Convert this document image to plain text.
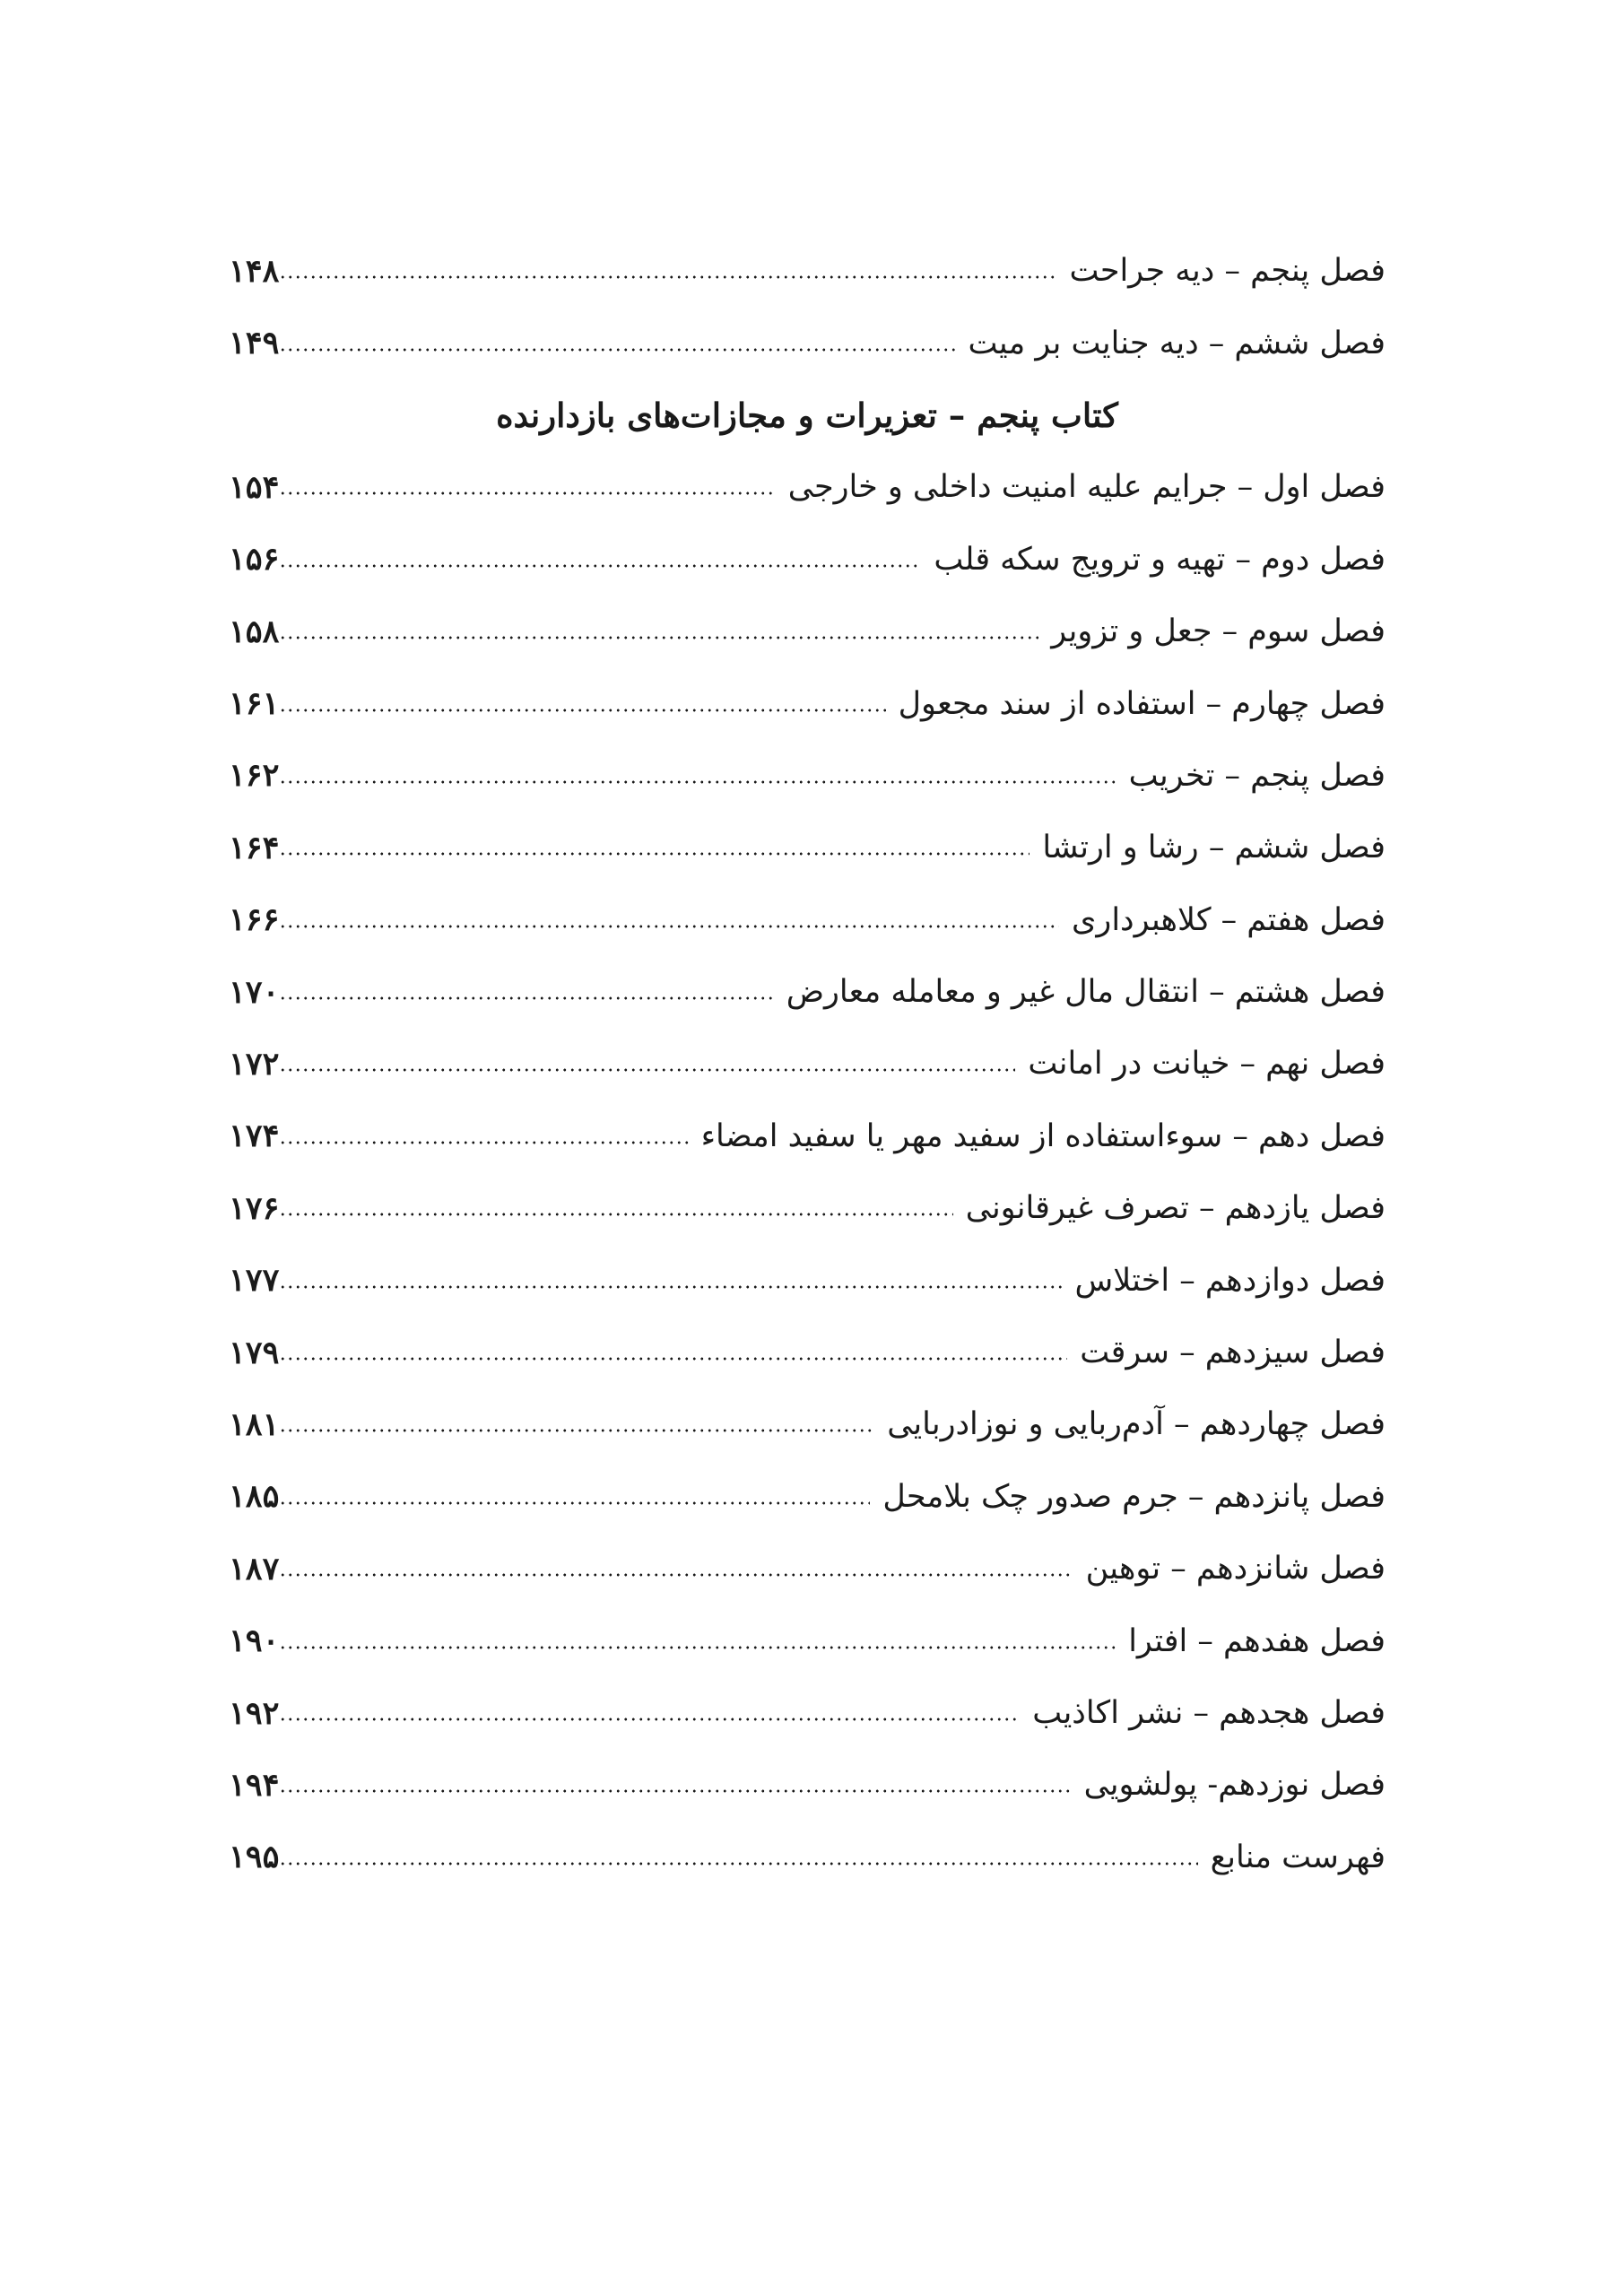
فصل پنجم – دیه جراحت
۱۴۸
فصل ششم – دیه جنایت بر میت
۱۴۹
کتاب پنجم – تعزیرات و مجازات‌های بازدارنده
فصل اول – جرایم علیه امنیت داخلی و خارجی
۱۵۴
فصل دوم – تهیه و ترویج سکه قلب
۱۵۶
فصل سوم – جعل و تزویر
۱۵۸
فصل چهارم – استفاده از سند مجعول
۱۶۱
فصل پنجم – تخریب
۱۶۲
فصل ششم – رشا و ارتشا
۱۶۴
فصل هفتم – کلاهبرداری
۱۶۶
فصل هشتم – انتقال مال غیر و معامله معارض
۱۷۰
فصل نهم – خیانت در امانت
۱۷۲
فصل دهم – سوءاستفاده از سفید مهر یا سفید امضاء
۱۷۴
فصل یازدهم – تصرف غیرقانونی
۱۷۶
فصل دوازدهم – اختلاس
۱۷۷
فصل سیزدهم – سرقت
۱۷۹
فصل چهاردهم – آدم‌ربایی و نوزادربایی
۱۸۱
فصل پانزدهم – جرم صدور چک بلامحل
۱۸۵
فصل شانزدهم – توهین
۱۸۷
فصل هفدهم – افترا
۱۹۰
فصل هجدهم – نشر اکاذیب
۱۹۲
فصل نوزدهم- پولشویی
۱۹۴
فهرست منابع
۱۹۵
